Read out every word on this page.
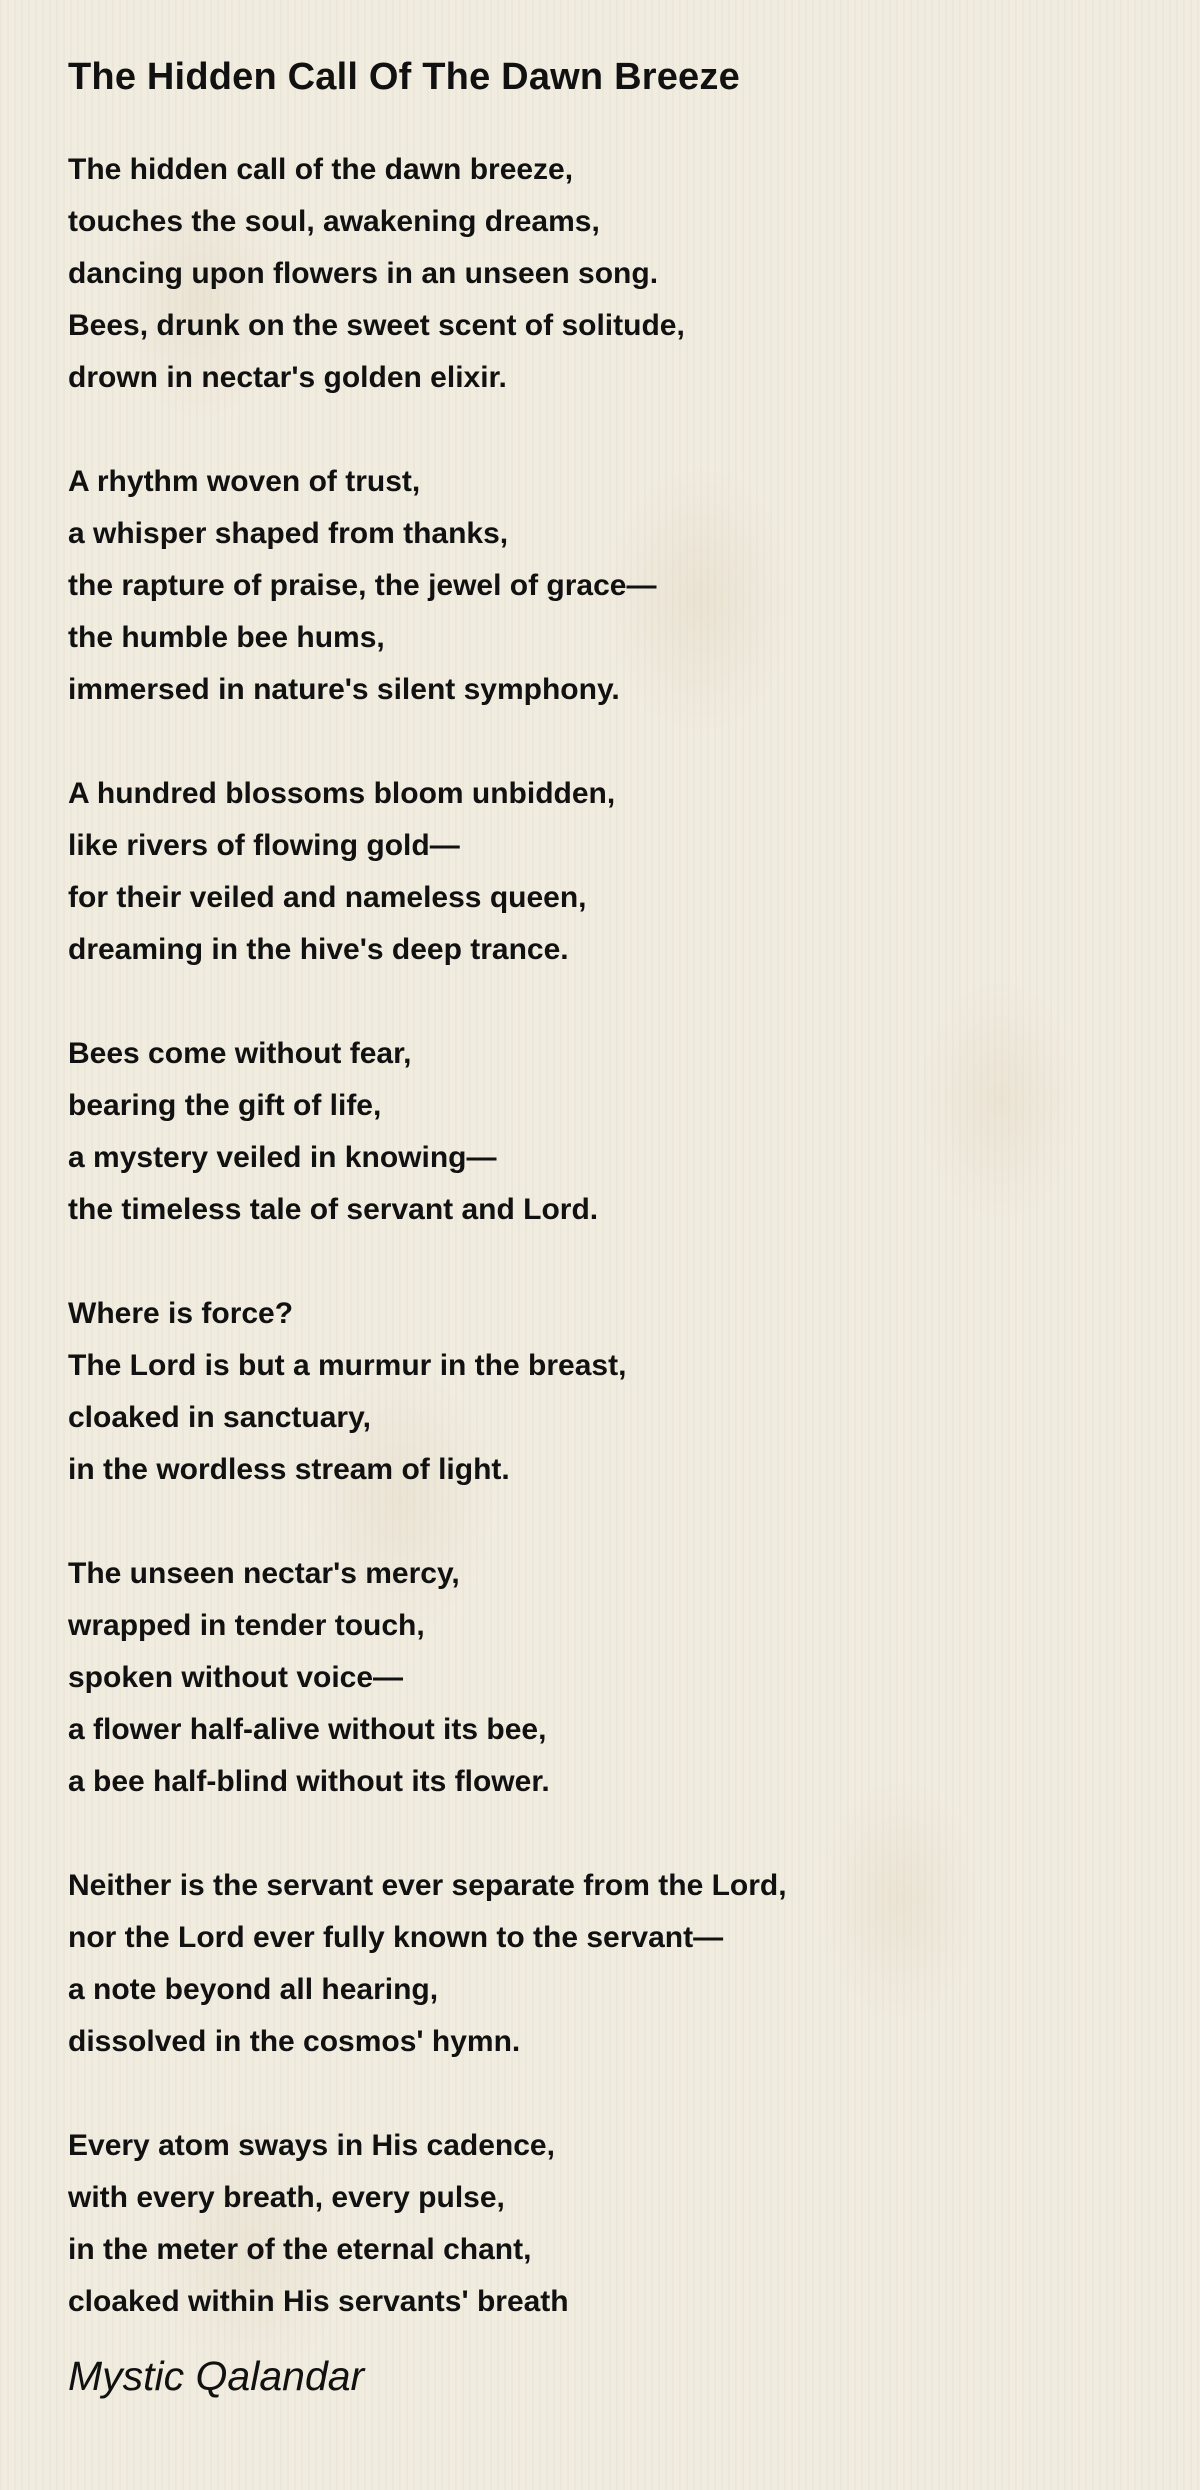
The Hidden Call Of The Dawn Breeze
The hidden call of the dawn breeze,
touches the soul, awakening dreams,
dancing upon flowers in an unseen song.
Bees, drunk on the sweet scent of solitude,
drown in nectar's golden elixir.
A rhythm woven of trust,
a whisper shaped from thanks,
the rapture of praise, the jewel of grace—
the humble bee hums,
immersed in nature's silent symphony.
A hundred blossoms bloom unbidden,
like rivers of flowing gold—
for their veiled and nameless queen,
dreaming in the hive's deep trance.
Bees come without fear,
bearing the gift of life,
a mystery veiled in knowing—
the timeless tale of servant and Lord.
Where is force?
The Lord is but a murmur in the breast,
cloaked in sanctuary,
in the wordless stream of light.
The unseen nectar's mercy,
wrapped in tender touch,
spoken without voice—
a flower half-alive without its bee,
a bee half-blind without its flower.
Neither is the servant ever separate from the Lord,
nor the Lord ever fully known to the servant—
a note beyond all hearing,
dissolved in the cosmos' hymn.
Every atom sways in His cadence,
with every breath, every pulse,
in the meter of the eternal chant,
cloaked within His servants' breath
Mystic Qalandar
